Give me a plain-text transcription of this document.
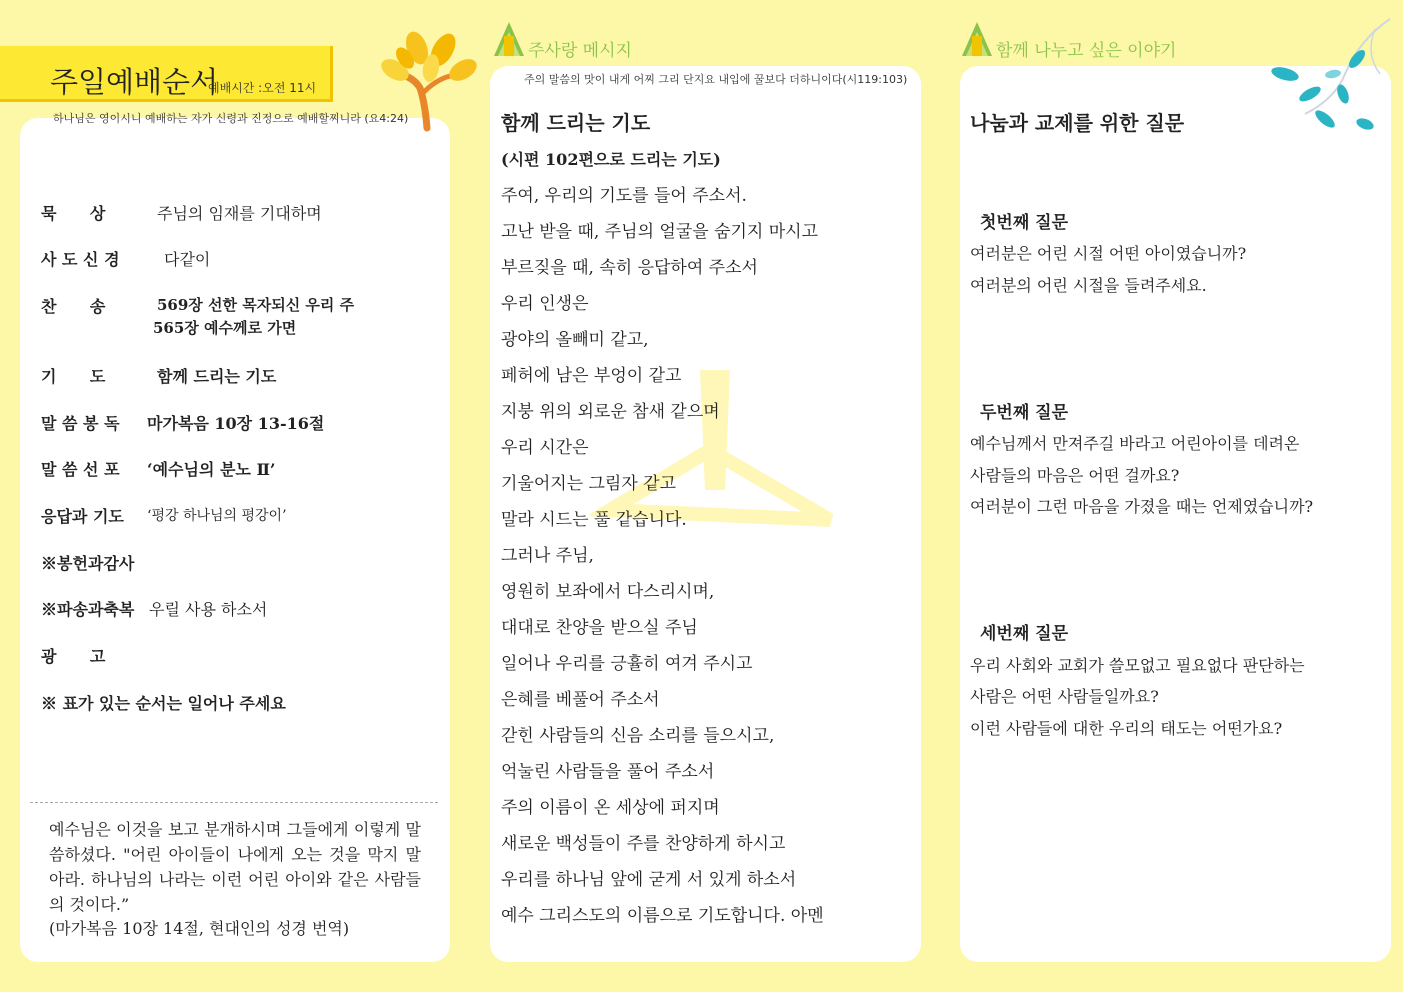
주일예배순서
예배시간 :오전 11시
하나님은 영이시니 예배하는 자가 신령과 진정으로 예배할찌니라 (요4:24)
묵      상	주님의 임재를 기대하며
사 도 신 경	다같이
찬      송	569장 선한 목자되신 우리 주
565장 예수께로 가면
기      도	함께 드리는 기도
말 씀 봉 독 마가복음 10장 13-16절
말 씀 선 포 ‘예수님의 분노 Ⅱ’
응답과 기도 ‘평강 하나님의 평강이’
※봉헌과감사
※파송과축복 우릴 사용 하소서
광      고
※ 표가 있는 순서는 일어나 주세요
예수님은 이것을 보고 분개하시며 그들에게 이렇게 말씀하셨다. "어린 아이들이 나에게 오는 것을 막지 말아라. 하나님의 나라는 이런 어린 아이와 같은 사람들의 것이다.”
(마가복음 10장 14절, 현대인의 성경 번역)
주사랑 메시지
주의 말씀의 맛이 내게 어찌 그리 단지요 내입에 꿀보다 더하니이다(시119:103)
함께 드리는 기도
(시편 102편으로 드리는 기도)
주여, 우리의 기도를 들어 주소서.
고난 받을 때, 주님의 얼굴을 숨기지 마시고
부르짖을 때, 속히 응답하여 주소서
우리 인생은
광야의 올빼미 같고,
페허에 남은 부엉이 같고
지붕 위의 외로운 참새 같으며
우리 시간은
기울어지는 그림자 같고
말라 시드는 풀 같습니다.
그러나 주님,
영원히 보좌에서 다스리시며,
대대로 찬양을 받으실 주님
일어나 우리를 긍휼히 여겨 주시고
은혜를 베풀어 주소서
갇힌 사람들의 신음 소리를 들으시고,
억눌린 사람들을 풀어 주소서
주의 이름이 온 세상에 퍼지며
새로운 백성들이 주를 찬양하게 하시고
우리를 하나님 앞에 굳게 서 있게 하소서
예수 그리스도의 이름으로 기도합니다. 아멘
함께 나누고 싶은 이야기
나눔과 교제를 위한 질문
첫번째 질문
여러분은 어린 시절 어떤 아이였습니까?
여러분의 어린 시절을 들려주세요.
두번째 질문
예수님께서 만져주길 바라고 어린아이를 데려온
사람들의 마음은 어떤 걸까요?
여러분이 그런 마음을 가졌을 때는 언제였습니까?
세번째 질문
우리 사회와 교회가 쓸모없고 필요없다 판단하는
사람은 어떤 사람들일까요?
이런 사람들에 대한 우리의 태도는 어떤가요?
